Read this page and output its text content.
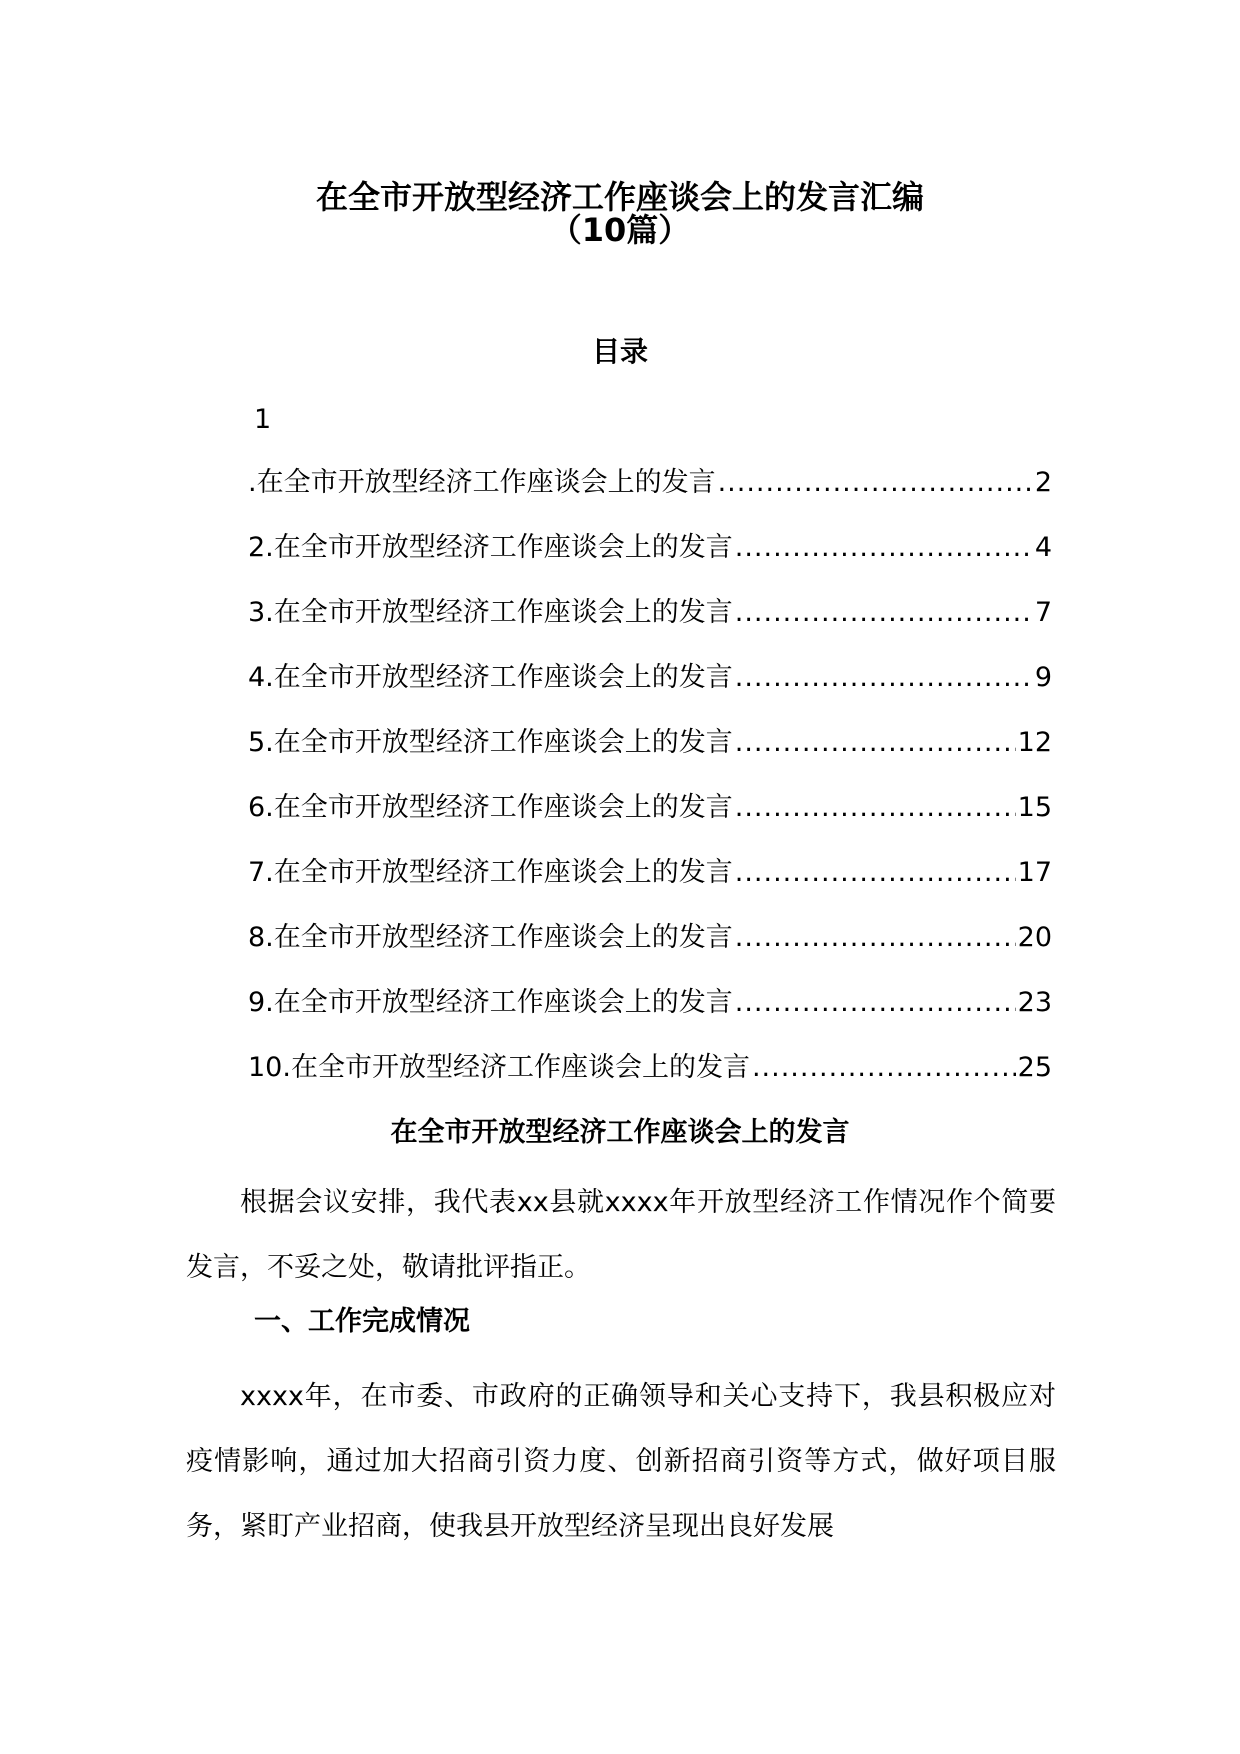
在全市开放型经济工作座谈会上的发言汇编
（10篇）
目录
1
.在全市开放型经济工作座谈会上的发言 .....	2
2.在全市开放型经济工作座谈会上的发言 .....	4
3.在全市开放型经济工作座谈会上的发言 .....	7
4.在全市开放型经济工作座谈会上的发言 .....	9
5.在全市开放型经济工作座谈会上的发言 .....	12
6.在全市开放型经济工作座谈会上的发言 .....	15
7.在全市开放型经济工作座谈会上的发言 .....	17
8.在全市开放型经济工作座谈会上的发言 .....	20
9.在全市开放型经济工作座谈会上的发言 .....	23
10.在全市开放型经济工作座谈会上的发言 .....	25
在全市开放型经济工作座谈会上的发言

根据会议安排，我代表xx县就xxxx年开放型经济工作情况作个简要发言，不妥之处，敬请批评指正。

一、工作完成情况

xxxx年，在市委、市政府的正确领导和关心支持下，我县积极应对疫情影响，通过加大招商引资力度、创新招商引资等方式，做好项目服务，紧盯产业招商，使我县开放型经济呈现出良好发展
